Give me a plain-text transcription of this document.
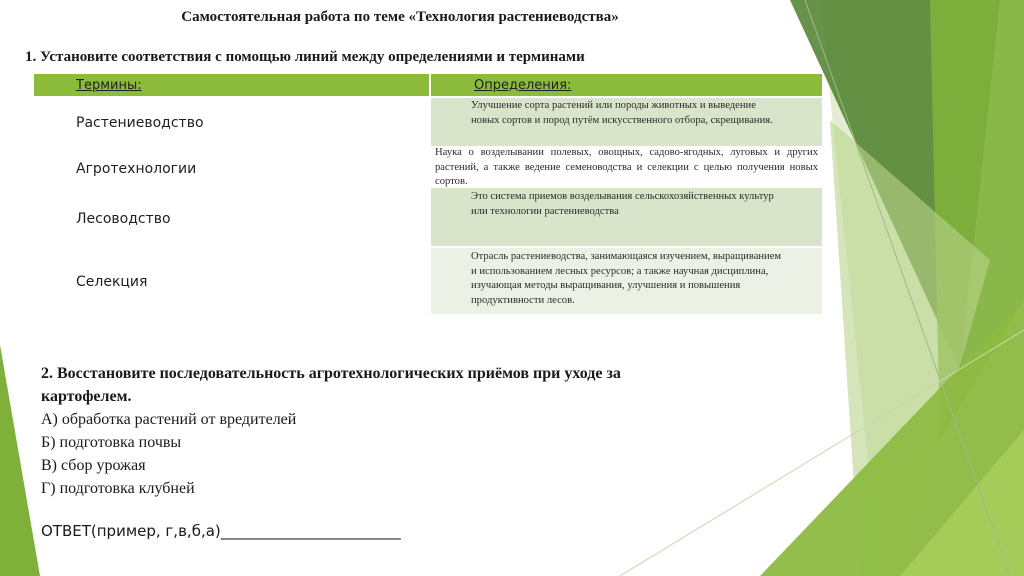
Самостоятельная работа по теме «Технология растениеводства»
1. Установите соответствия с помощью линий между определениями и терминами
Термины:	Определения:
Растениеводство
Агротехнологии
Лесоводство
Селекция
Улучшение сорта растений или породы животных и выведение новых сортов и пород путём искусственного отбора, скрещивания.
Наука о возделывании полевых, овощных, садово-ягодных, луговых и других растений, а также ведение семеноводства и селекции с целью получения новых сортов.
Это система приемов возделывания сельскохозяйственных культур или технологии растениеводства
Отрасль растениеводства, занимающаяся изучением, выращиванием и использованием лесных ресурсов; а также научная дисциплина, изучающая методы выращивания, улучшения и повышения продуктивности лесов.
2. Восстановите последовательность агротехнологических приёмов при уходе за
картофелем.
А) обработка растений от вредителей
Б) подготовка почвы
В) сбор урожая
Г) подготовка клубней
ОТВЕТ(пример, г,в,б,а)________________________
